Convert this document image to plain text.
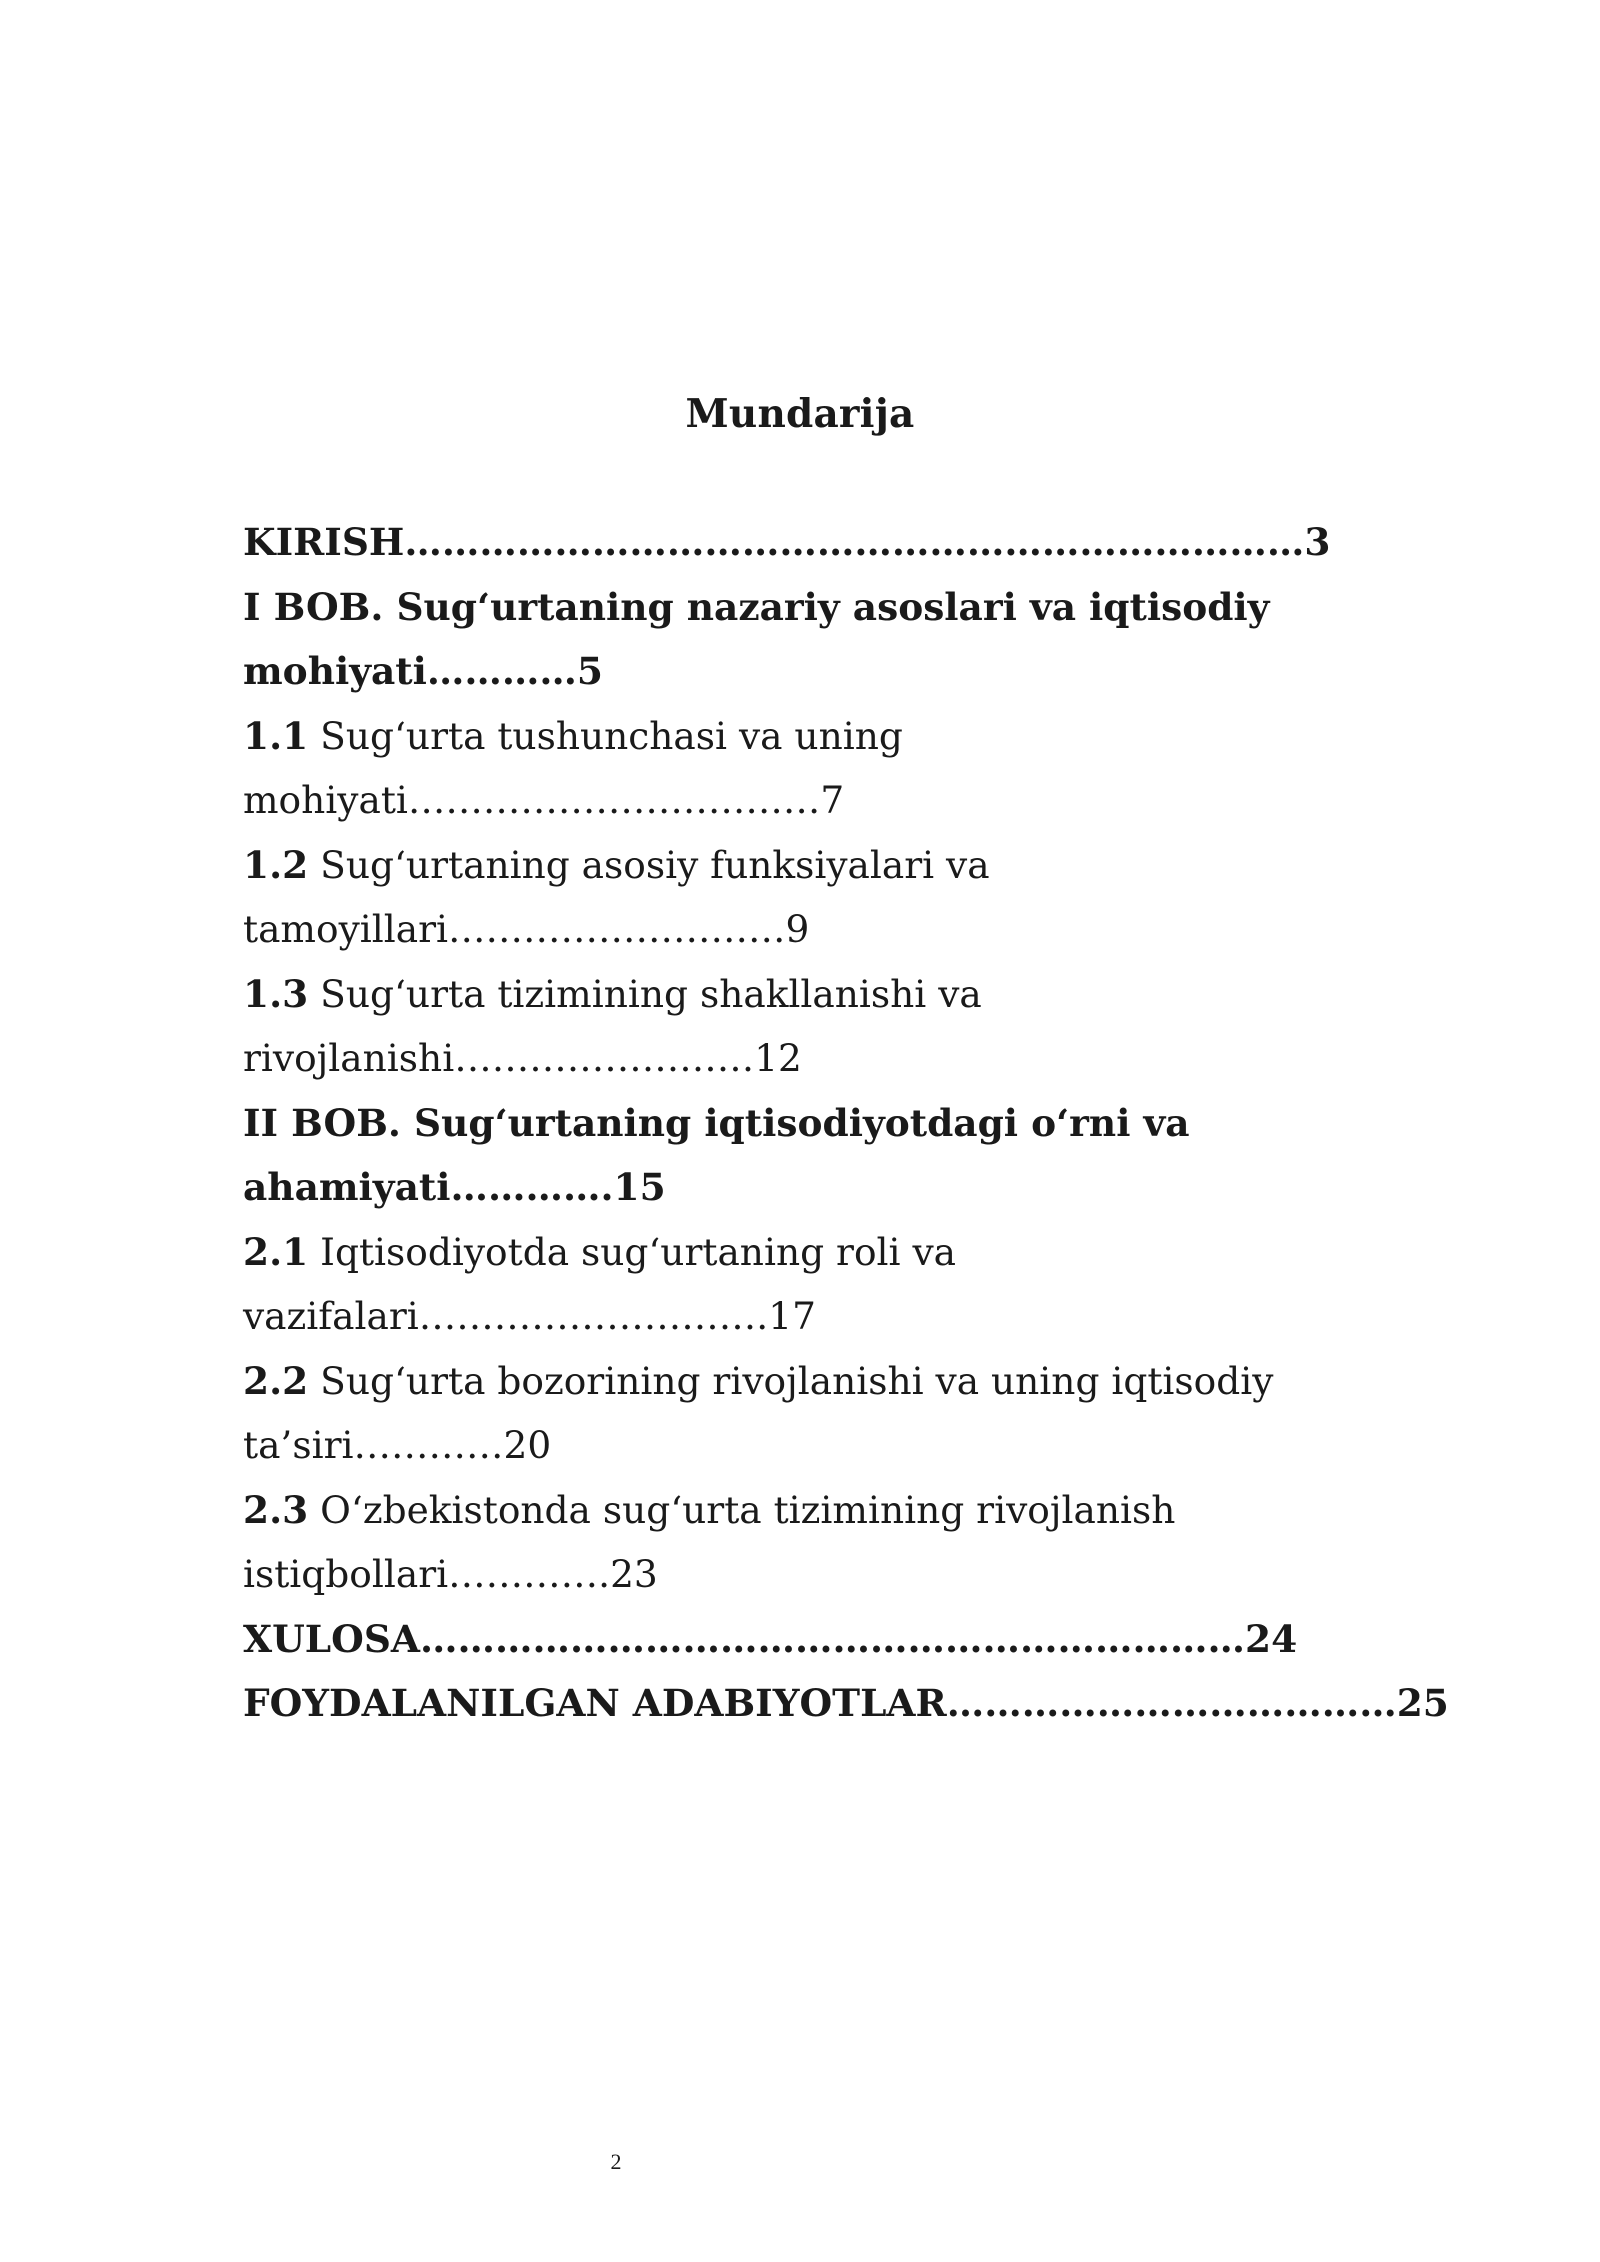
Mundarija

KIRISH………………………………………………………………3

I BOB. Sug‘urtaning nazariy asoslari va iqtisodiy

mohiyati…………5

1.1 Sug‘urta tushunchasi va uning

mohiyati……………………………7

1.2 Sug‘urtaning asosiy funksiyalari va

tamoyillari………………………9

1.3 Sug‘urta tizimining shakllanishi va

rivojlanishi……………………12

II BOB. Sug‘urtaning iqtisodiyotdagi o‘rni va

ahamiyati………….15

2.1 Iqtisodiyotda sug‘urtaning roli va

vazifalari……………………….17

2.2 Sug‘urta bozorining rivojlanishi va uning iqtisodiy

ta’siri…………20

2.3 O‘zbekistonda sug‘urta tizimining rivojlanish

istiqbollari………….23

XULOSA…………………………………………………………24

FOYDALANILGAN ADABIYOTLAR………………………………25

2
